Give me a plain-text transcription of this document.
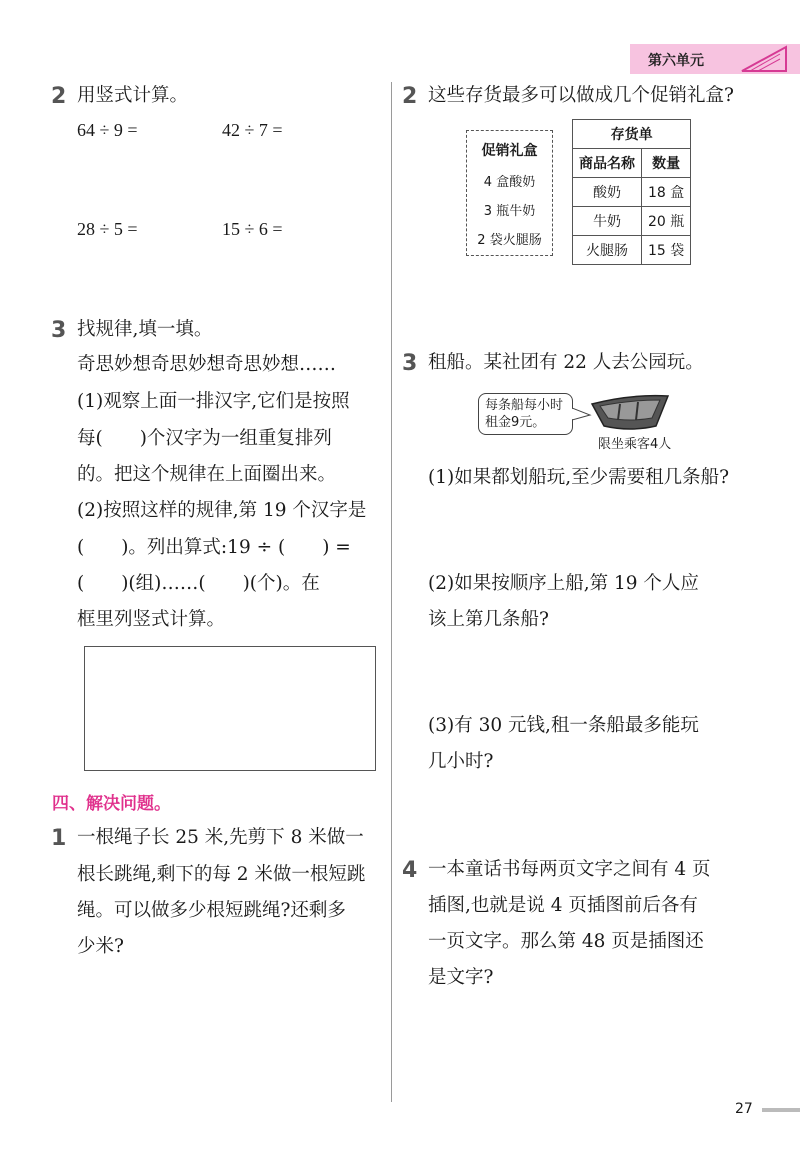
第六单元
2 用竖式计算。
64 ÷ 9 =	42 ÷ 7 =
28 ÷ 5 =	15 ÷ 6 =
3 找规律,填一填。
奇思妙想奇思妙想奇思妙想……
(1)观察上面一排汉字,它们是按照
每(　　)个汉字为一组重复排列
的。把这个规律在上面圈出来。
(2)按照这样的规律,第 19 个汉字是
(　　)。列出算式:19 ÷ (　　) =
(　　)(组)……(　　)(个)。在
框里列竖式计算。
四、解决问题。
1 一根绳子长 25 米,先剪下 8 米做一
根长跳绳,剩下的每 2 米做一根短跳
绳。可以做多少根短跳绳?还剩多
少米?
2 这些存货最多可以做成几个促销礼盒?
促销礼盒
4 盒酸奶
3 瓶牛奶
2 袋火腿肠
存货单	
商品名称	数量
酸奶	18 盒
牛奶	20 瓶
火腿肠	15 袋
3 租船。某社团有 22 人去公园玩。
每条船每小时
租金9元。
限坐乘客4人
(1)如果都划船玩,至少需要租几条船?
(2)如果按顺序上船,第 19 个人应
该上第几条船?
(3)有 30 元钱,租一条船最多能玩
几小时?
4 一本童话书每两页文字之间有 4 页
插图,也就是说 4 页插图前后各有
一页文字。那么第 48 页是插图还
是文字?
27
